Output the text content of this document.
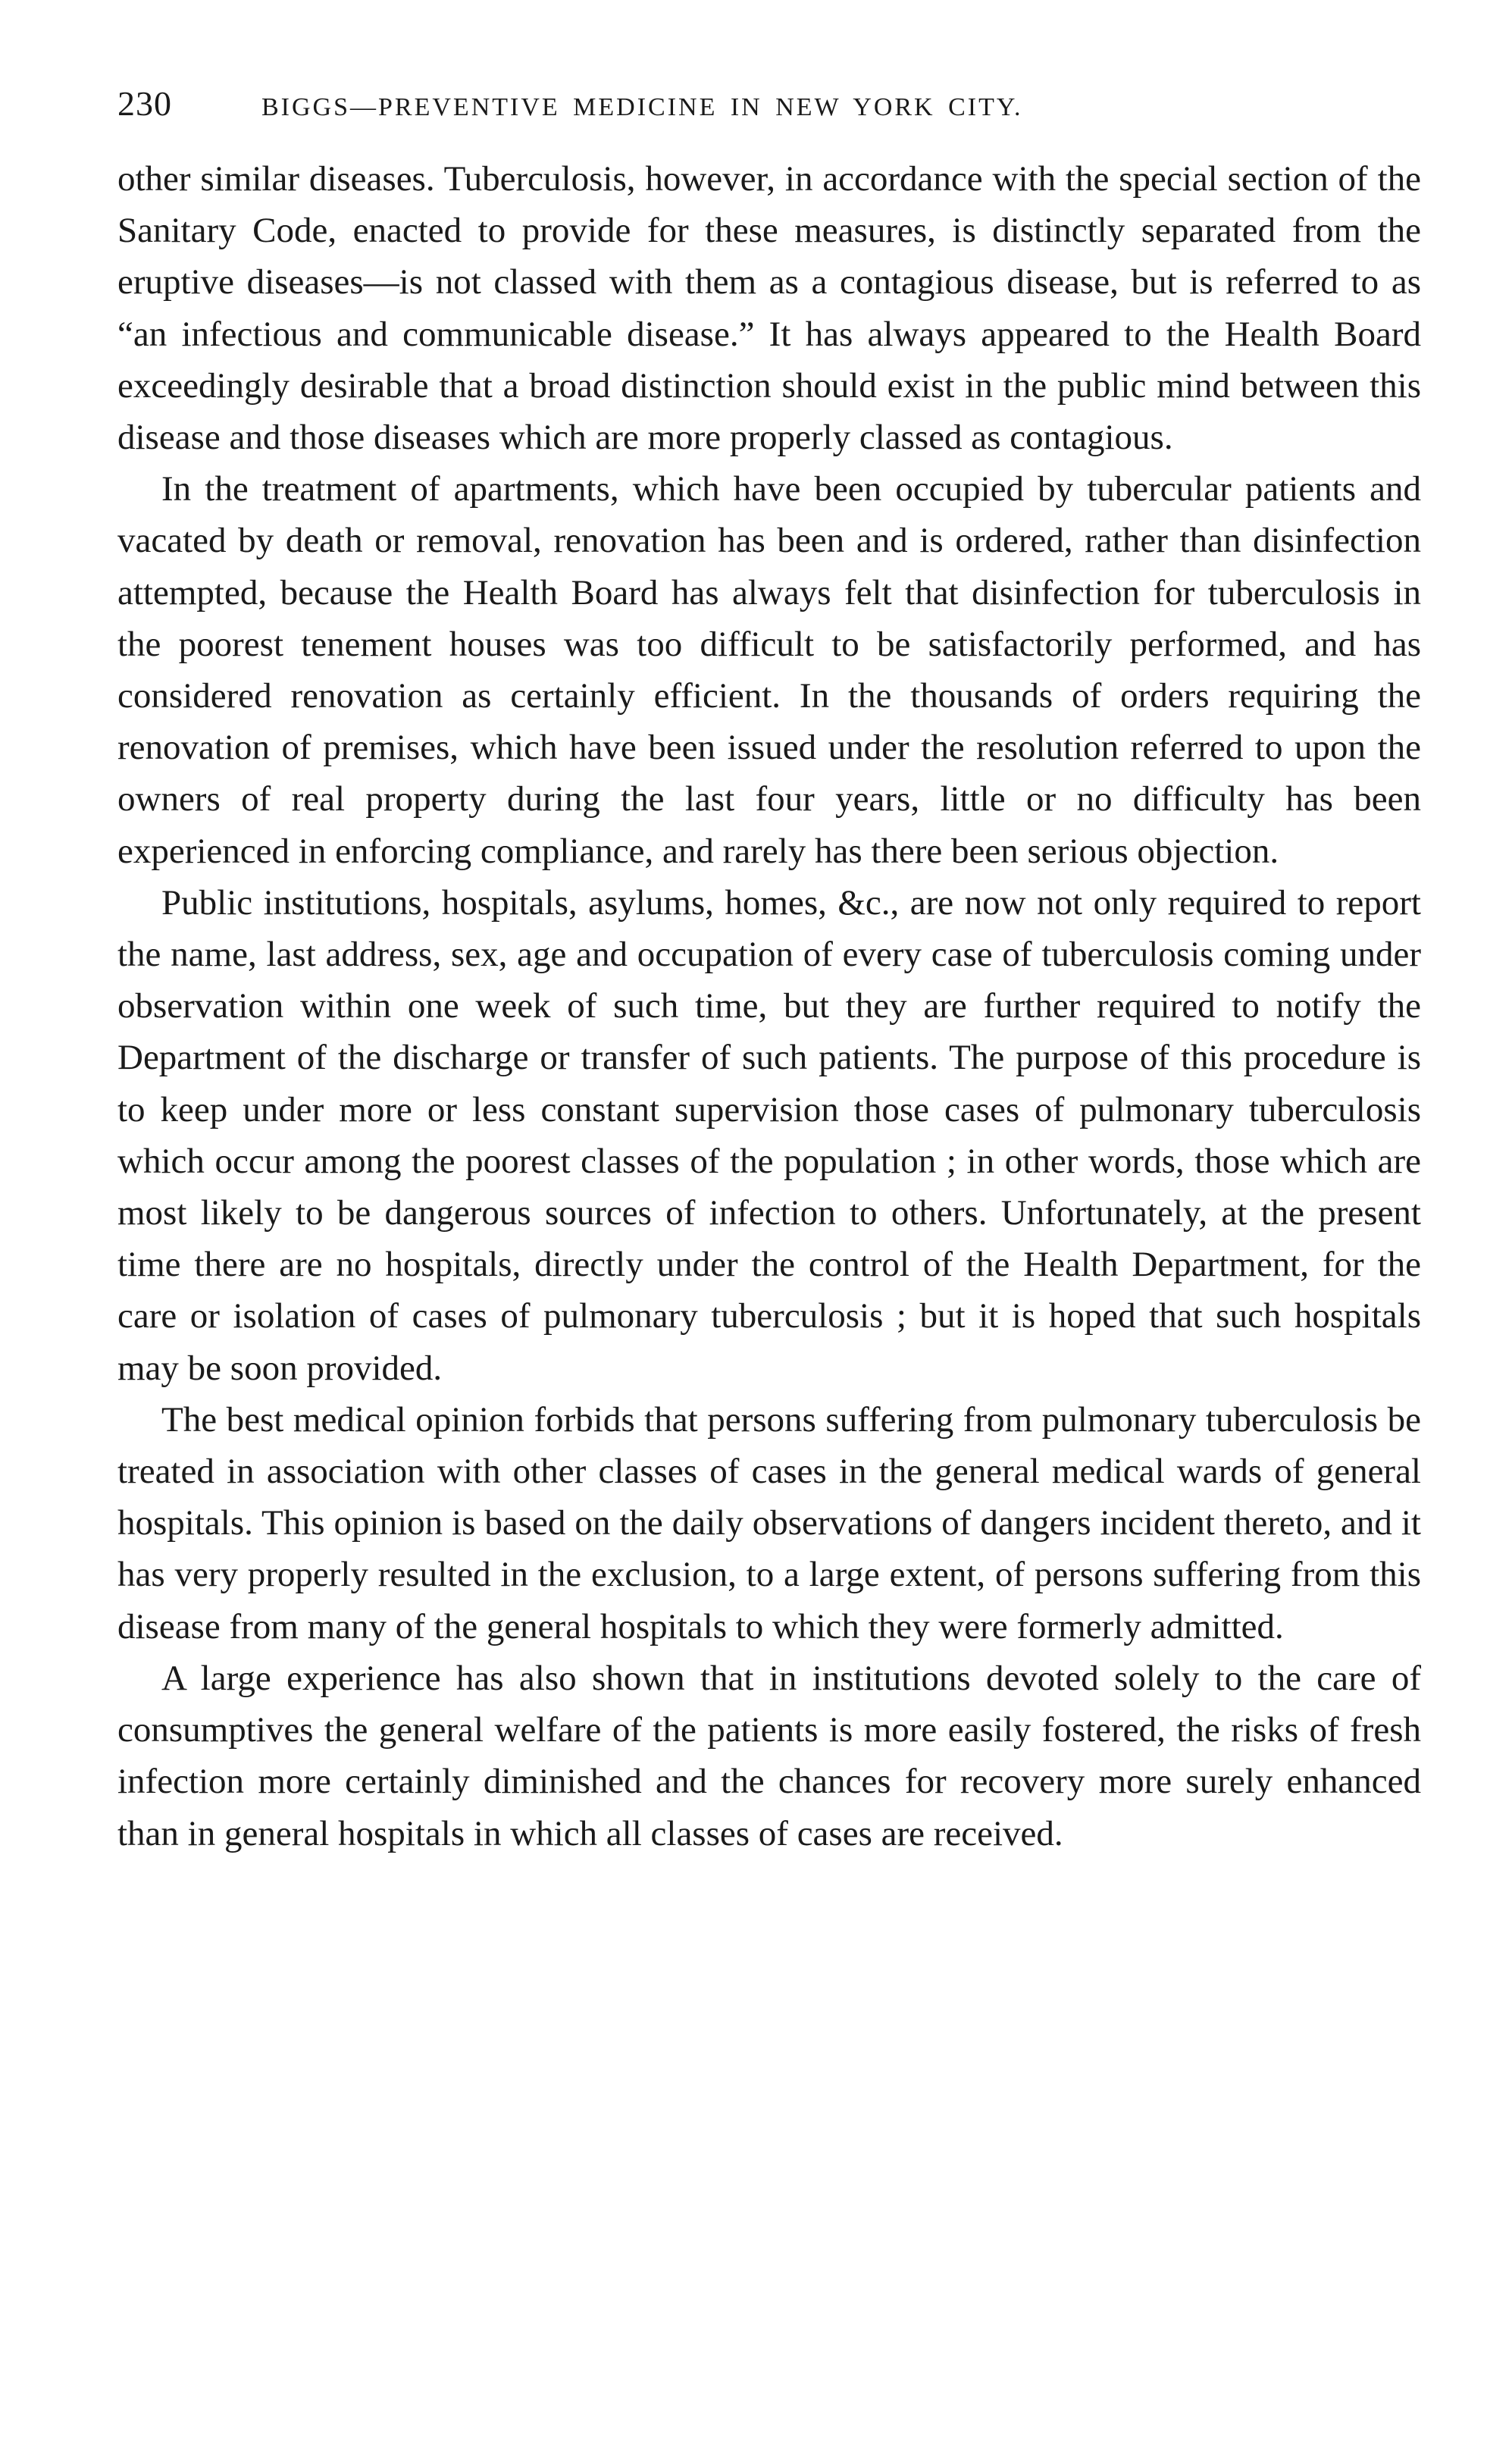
230	BIGGS—PREVENTIVE MEDICINE IN NEW YORK CITY.

other similar diseases. Tuberculosis, however, in accordance with the special section of the Sanitary Code, enacted to provide for these measures, is distinctly separated from the eruptive diseases—is not classed with them as a contagious disease, but is referred to as “an infectious and communicable disease.” It has always appeared to the Health Board exceedingly desirable that a broad distinction should exist in the public mind between this disease and those diseases which are more properly classed as contagious.

In the treatment of apartments, which have been occupied by tubercular patients and vacated by death or removal, renovation has been and is ordered, rather than disinfection attempted, because the Health Board has always felt that disinfection for tuberculosis in the poorest tenement houses was too difficult to be satisfactorily performed, and has considered renovation as certainly efficient. In the thousands of orders requiring the renovation of premises, which have been issued under the resolution referred to upon the owners of real property during the last four years, little or no difficulty has been experienced in enforcing compliance, and rarely has there been serious objection.

Public institutions, hospitals, asylums, homes, &c., are now not only required to report the name, last address, sex, age and occupation of every case of tuberculosis coming under observation within one week of such time, but they are further required to notify the Department of the discharge or transfer of such patients. The purpose of this procedure is to keep under more or less constant supervision those cases of pulmonary tuberculosis which occur among the poorest classes of the population ; in other words, those which are most likely to be dangerous sources of infection to others. Unfortunately, at the present time there are no hospitals, directly under the control of the Health Department, for the care or isolation of cases of pulmonary tuberculosis ; but it is hoped that such hospitals may be soon provided.

The best medical opinion forbids that persons suffering from pulmonary tuberculosis be treated in association with other classes of cases in the general medical wards of general hospitals. This opinion is based on the daily observations of dangers incident thereto, and it has very properly resulted in the exclusion, to a large extent, of persons suffering from this disease from many of the general hospitals to which they were formerly admitted.

A large experience has also shown that in institutions devoted solely to the care of consumptives the general welfare of the patients is more easily fostered, the risks of fresh infection more certainly diminished and the chances for recovery more surely enhanced than in general hospitals in which all classes of cases are received.
